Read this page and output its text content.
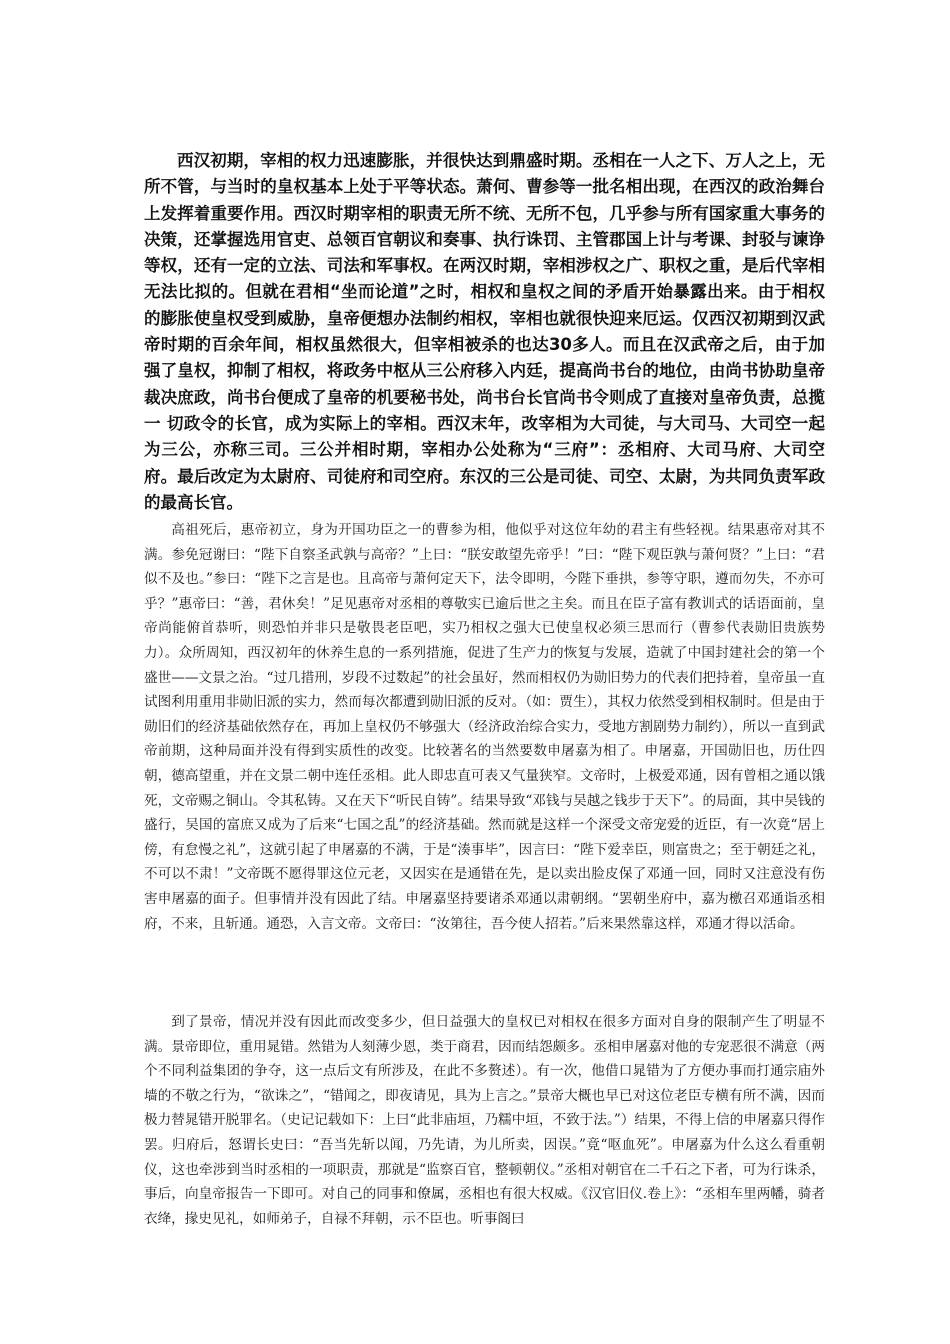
西汉初期，宰相的权力迅速膨胀，并很快达到鼎盛时期。丞相在一人之下、万人之上，无所不管，与当时的皇权基本上处于平等状态。萧何、曹参等一批名相出现，在西汉的政治舞台上发挥着重要作用。西汉时期宰相的职责无所不统、无所不包，几乎参与所有国家重大事务的决策，还掌握选用官吏、总领百官朝议和奏事、执行诛罚、主管郡国上计与考课、封驳与谏诤等权，还有一定的立法、司法和军事权。在两汉时期，宰相涉权之广、职权之重，是后代宰相无法比拟的。但就在君相“坐而论道”之时，相权和皇权之间的矛盾开始暴露出来。由于相权的膨胀使皇权受到威胁，皇帝便想办法制约相权，宰相也就很快迎来厄运。仅西汉初期到汉武帝时期的百余年间，相权虽然很大，但宰相被杀的也达30多人。而且在汉武帝之后，由于加强了皇权，抑制了相权，将政务中枢从三公府移入内廷，提高尚书台的地位，由尚书协助皇帝裁决庶政，尚书台便成了皇帝的机要秘书处，尚书台长官尚书令则成了直接对皇帝负责，总揽一 切政令的长官，成为实际上的宰相。西汉末年，改宰相为大司徒，与大司马、大司空一起为三公，亦称三司。三公并相时期，宰相办公处称为“三府”：丞相府、大司马府、大司空府。最后改定为太尉府、司徒府和司空府。东汉的三公是司徒、司空、太尉，为共同负责军政的最高长官。

高祖死后，惠帝初立，身为开国功臣之一的曹参为相，他似乎对这位年幼的君主有些轻视。结果惠帝对其不满。参免冠谢曰：“陛下自察圣武孰与高帝？”上曰：“朕安敢望先帝乎！”曰：“陛下观臣孰与萧何贤？”上曰：“君似不及也。”参曰：“陛下之言是也。且高帝与萧何定天下，法令即明，今陛下垂拱，参等守职，遵而勿失，不亦可乎？”惠帝曰：“善，君休矣！”足见惠帝对丞相的尊敬实已逾后世之主矣。而且在臣子富有教训式的话语面前，皇帝尚能俯首恭听，则恐怕并非只是敬畏老臣吧，实乃相权之强大已使皇权必须三思而行（曹参代表勋旧贵族势力）。众所周知，西汉初年的休养生息的一系列措施，促进了生产力的恢复与发展，造就了中国封建社会的第一个盛世——文景之治。“过几措刑，岁段不过数起”的社会虽好，然而相权仍为勋旧势力的代表们把持着，皇帝虽一直试图利用重用非勋旧派的实力，然而每次都遭到勋旧派的反对。（如：贾生），其权力依然受到相权制时。但是由于勋旧们的经济基础依然存在，再加上皇权仍不够强大（经济政治综合实力，受地方割剧势力制约），所以一直到武帝前期，这种局面并没有得到实质性的改变。比较著名的当然要数申屠嘉为相了。申屠嘉，开国勋旧也，历仕四朝，德高望重，并在文景二朝中连任丞相。此人即忠直可表又气量狭窄。文帝时，上极爱邓通，因有曾相之通以饿死，文帝赐之铜山。令其私铸。又在天下“听民自铸”。结果导致“邓钱与吴越之钱步于天下”。的局面，其中吴钱的盛行，吴国的富庶又成为了后来“七国之乱”的经济基础。然而就是这样一个深受文帝宠爱的近臣，有一次竟“居上傍，有怠慢之礼”，这就引起了申屠嘉的不满，于是“湊事毕”，因言曰：“陛下爱幸臣，则富贵之；至于朝廷之礼，不可以不肃！”文帝既不愿得罪这位元老，又因实在是通错在先，是以卖出脸皮保了邓通一回，同时又注意没有伤害申屠嘉的面子。但事情并没有因此了结。申屠嘉坚持要诸杀邓通以肃朝纲。“罢朝坐府中，嘉为檄召邓通诣丞相府，不来，且斩通。通恐，入言文帝。文帝曰：“汝第往，吾今使人招若。”后来果然靠这样，邓通才得以活命。

到了景帝，情况并没有因此而改变多少，但日益强大的皇权已对相权在很多方面对自身的限制产生了明显不满。景帝即位，重用晁错。然错为人刻薄少恩，类于商君，因而结怨颇多。丞相申屠嘉对他的专宠恶很不满意（两个不同利益集团的争夺，这一点后文有所涉及，在此不多赘述）。有一次，他借口晁错为了方便办事而打通宗庙外墙的不敬之行为，“欲诛之”，“错闻之，即夜请见，具为上言之。”景帝大概也早已对这位老臣专横有所不满，因而极力替晁错开脱罪名。（史记记载如下：上曰“此非庙垣，乃糯中垣，不致于法。”）结果，不得上信的申屠嘉只得作罢。归府后，怒谓长史曰：“吾当先斩以闻，乃先请，为儿所卖，因误。”竟“呕血死”。申屠嘉为什么这么看重朝仪，这也牵涉到当时丞相的一项职责，那就是“监察百官，整顿朝仪。”丞相对朝官在二千石之下者，可为行诛杀，事后，向皇帝报告一下即可。对自己的同事和僚属，丞相也有很大权威。《汉官旧仪.卷上》：“丞相车里两幡，骑者衣绛，掾史见礼，如师弟子，自禄不拜朝，示不臣也。听事阁曰
